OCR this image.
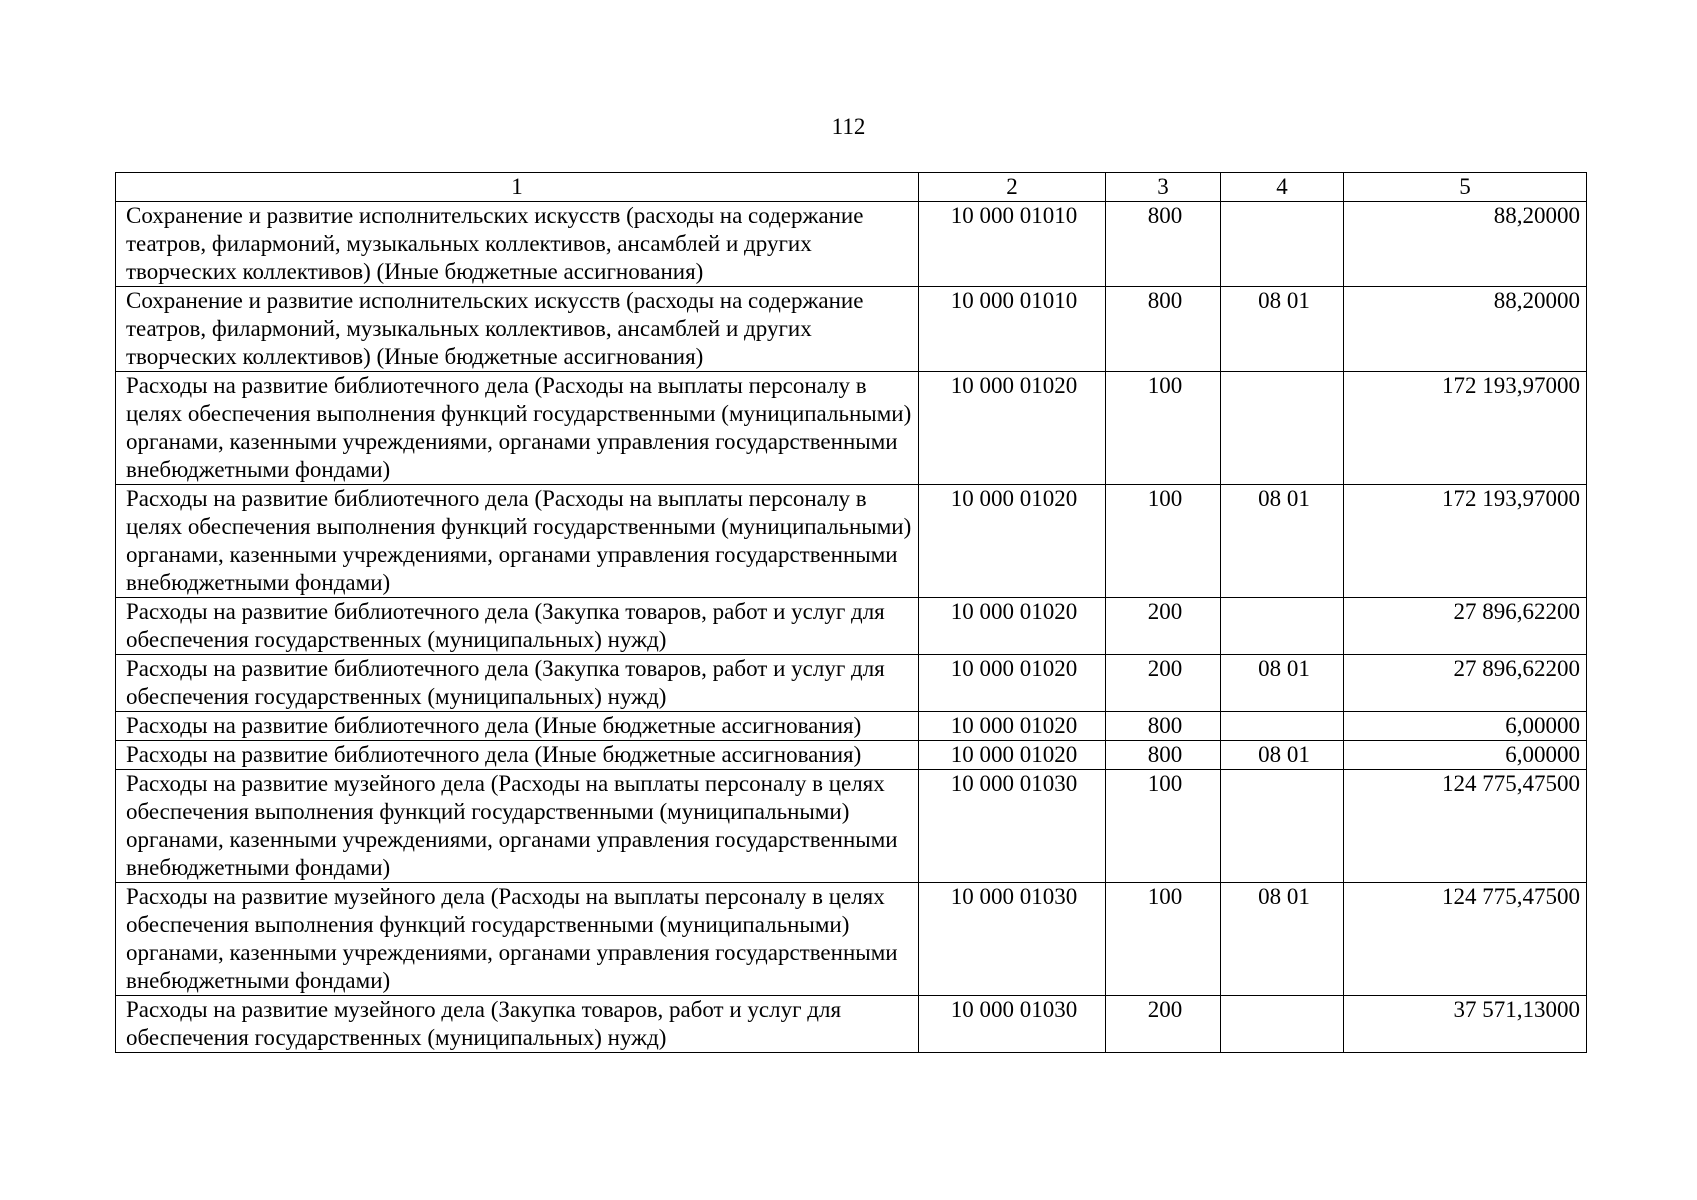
112
1	2	3	4	5
Сохранение и развитие исполнительских искусств (расходы на содержание театров, филармоний, музыкальных коллективов, ансамблей и других творческих коллективов) (Иные бюджетные ассигнования)	10 000 01010	800		88,20000
Сохранение и развитие исполнительских искусств (расходы на содержание театров, филармоний, музыкальных коллективов, ансамблей и других творческих коллективов) (Иные бюджетные ассигнования)	10 000 01010	800	08 01	88,20000
Расходы на развитие библиотечного дела (Расходы на выплаты персоналу в целях обеспечения выполнения функций государственными (муниципальными) органами, казенными учреждениями, органами управления государственными внебюджетными фондами)	10 000 01020	100		172 193,97000
Расходы на развитие библиотечного дела (Расходы на выплаты персоналу в целях обеспечения выполнения функций государственными (муниципальными) органами, казенными учреждениями, органами управления государственными внебюджетными фондами)	10 000 01020	100	08 01	172 193,97000
Расходы на развитие библиотечного дела (Закупка товаров, работ и услуг для обеспечения государственных (муниципальных) нужд)	10 000 01020	200		27 896,62200
Расходы на развитие библиотечного дела (Закупка товаров, работ и услуг для обеспечения государственных (муниципальных) нужд)	10 000 01020	200	08 01	27 896,62200
Расходы на развитие библиотечного дела (Иные бюджетные ассигнования)	10 000 01020	800		6,00000
Расходы на развитие библиотечного дела (Иные бюджетные ассигнования)	10 000 01020	800	08 01	6,00000
Расходы на развитие музейного дела (Расходы на выплаты персоналу в целях обеспечения выполнения функций государственными (муниципальными) органами, казенными учреждениями, органами управления государственными внебюджетными фондами)	10 000 01030	100		124 775,47500
Расходы на развитие музейного дела (Расходы на выплаты персоналу в целях обеспечения выполнения функций государственными (муниципальными) органами, казенными учреждениями, органами управления государственными внебюджетными фондами)	10 000 01030	100	08 01	124 775,47500
Расходы на развитие музейного дела (Закупка товаров, работ и услуг для обеспечения государственных (муниципальных) нужд)	10 000 01030	200		37 571,13000
